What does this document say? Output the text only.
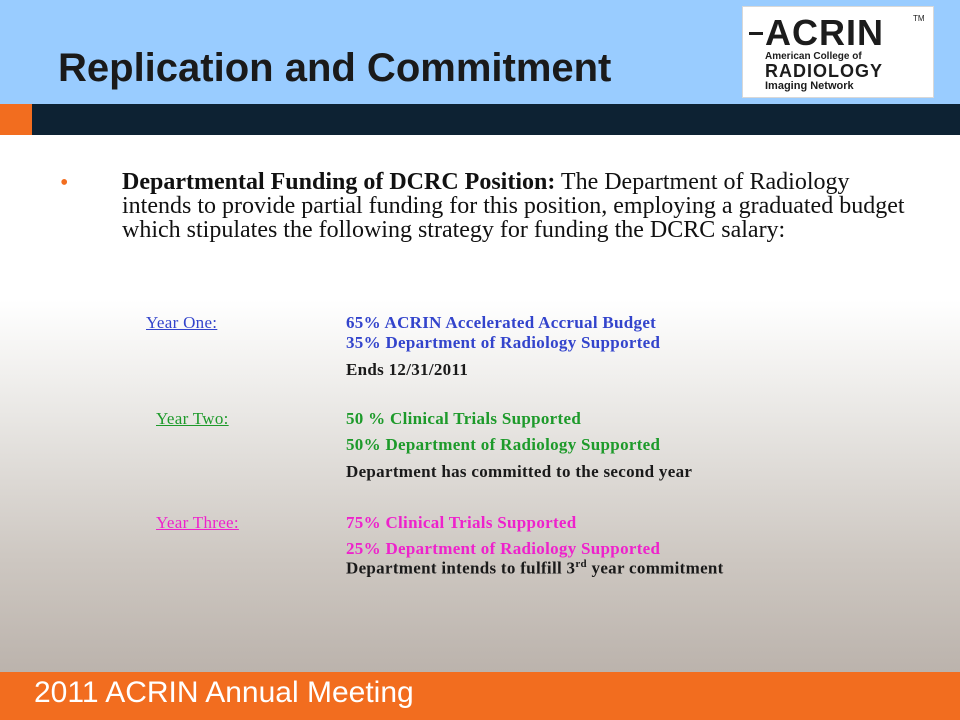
Replication and Commitment
ACRIN	TM
American College of
RADIOLOGY
Imaging Network
• Departmental Funding of DCRC Position: The Department of Radiology intends to provide partial funding for this position, employing a graduated budget which stipulates the following strategy for funding the DCRC salary:

Year One:	65% ACRIN Accelerated Accrual Budget
35% Department of Radiology Supported
Ends 12/31/2011
Year Two:	50 % Clinical Trials Supported
50% Department of Radiology Supported
Department has committed to the second year
Year Three:	75% Clinical Trials Supported
25% Department of Radiology Supported
Department intends to fulfill 3rd year commitment
2011 ACRIN Annual Meeting
